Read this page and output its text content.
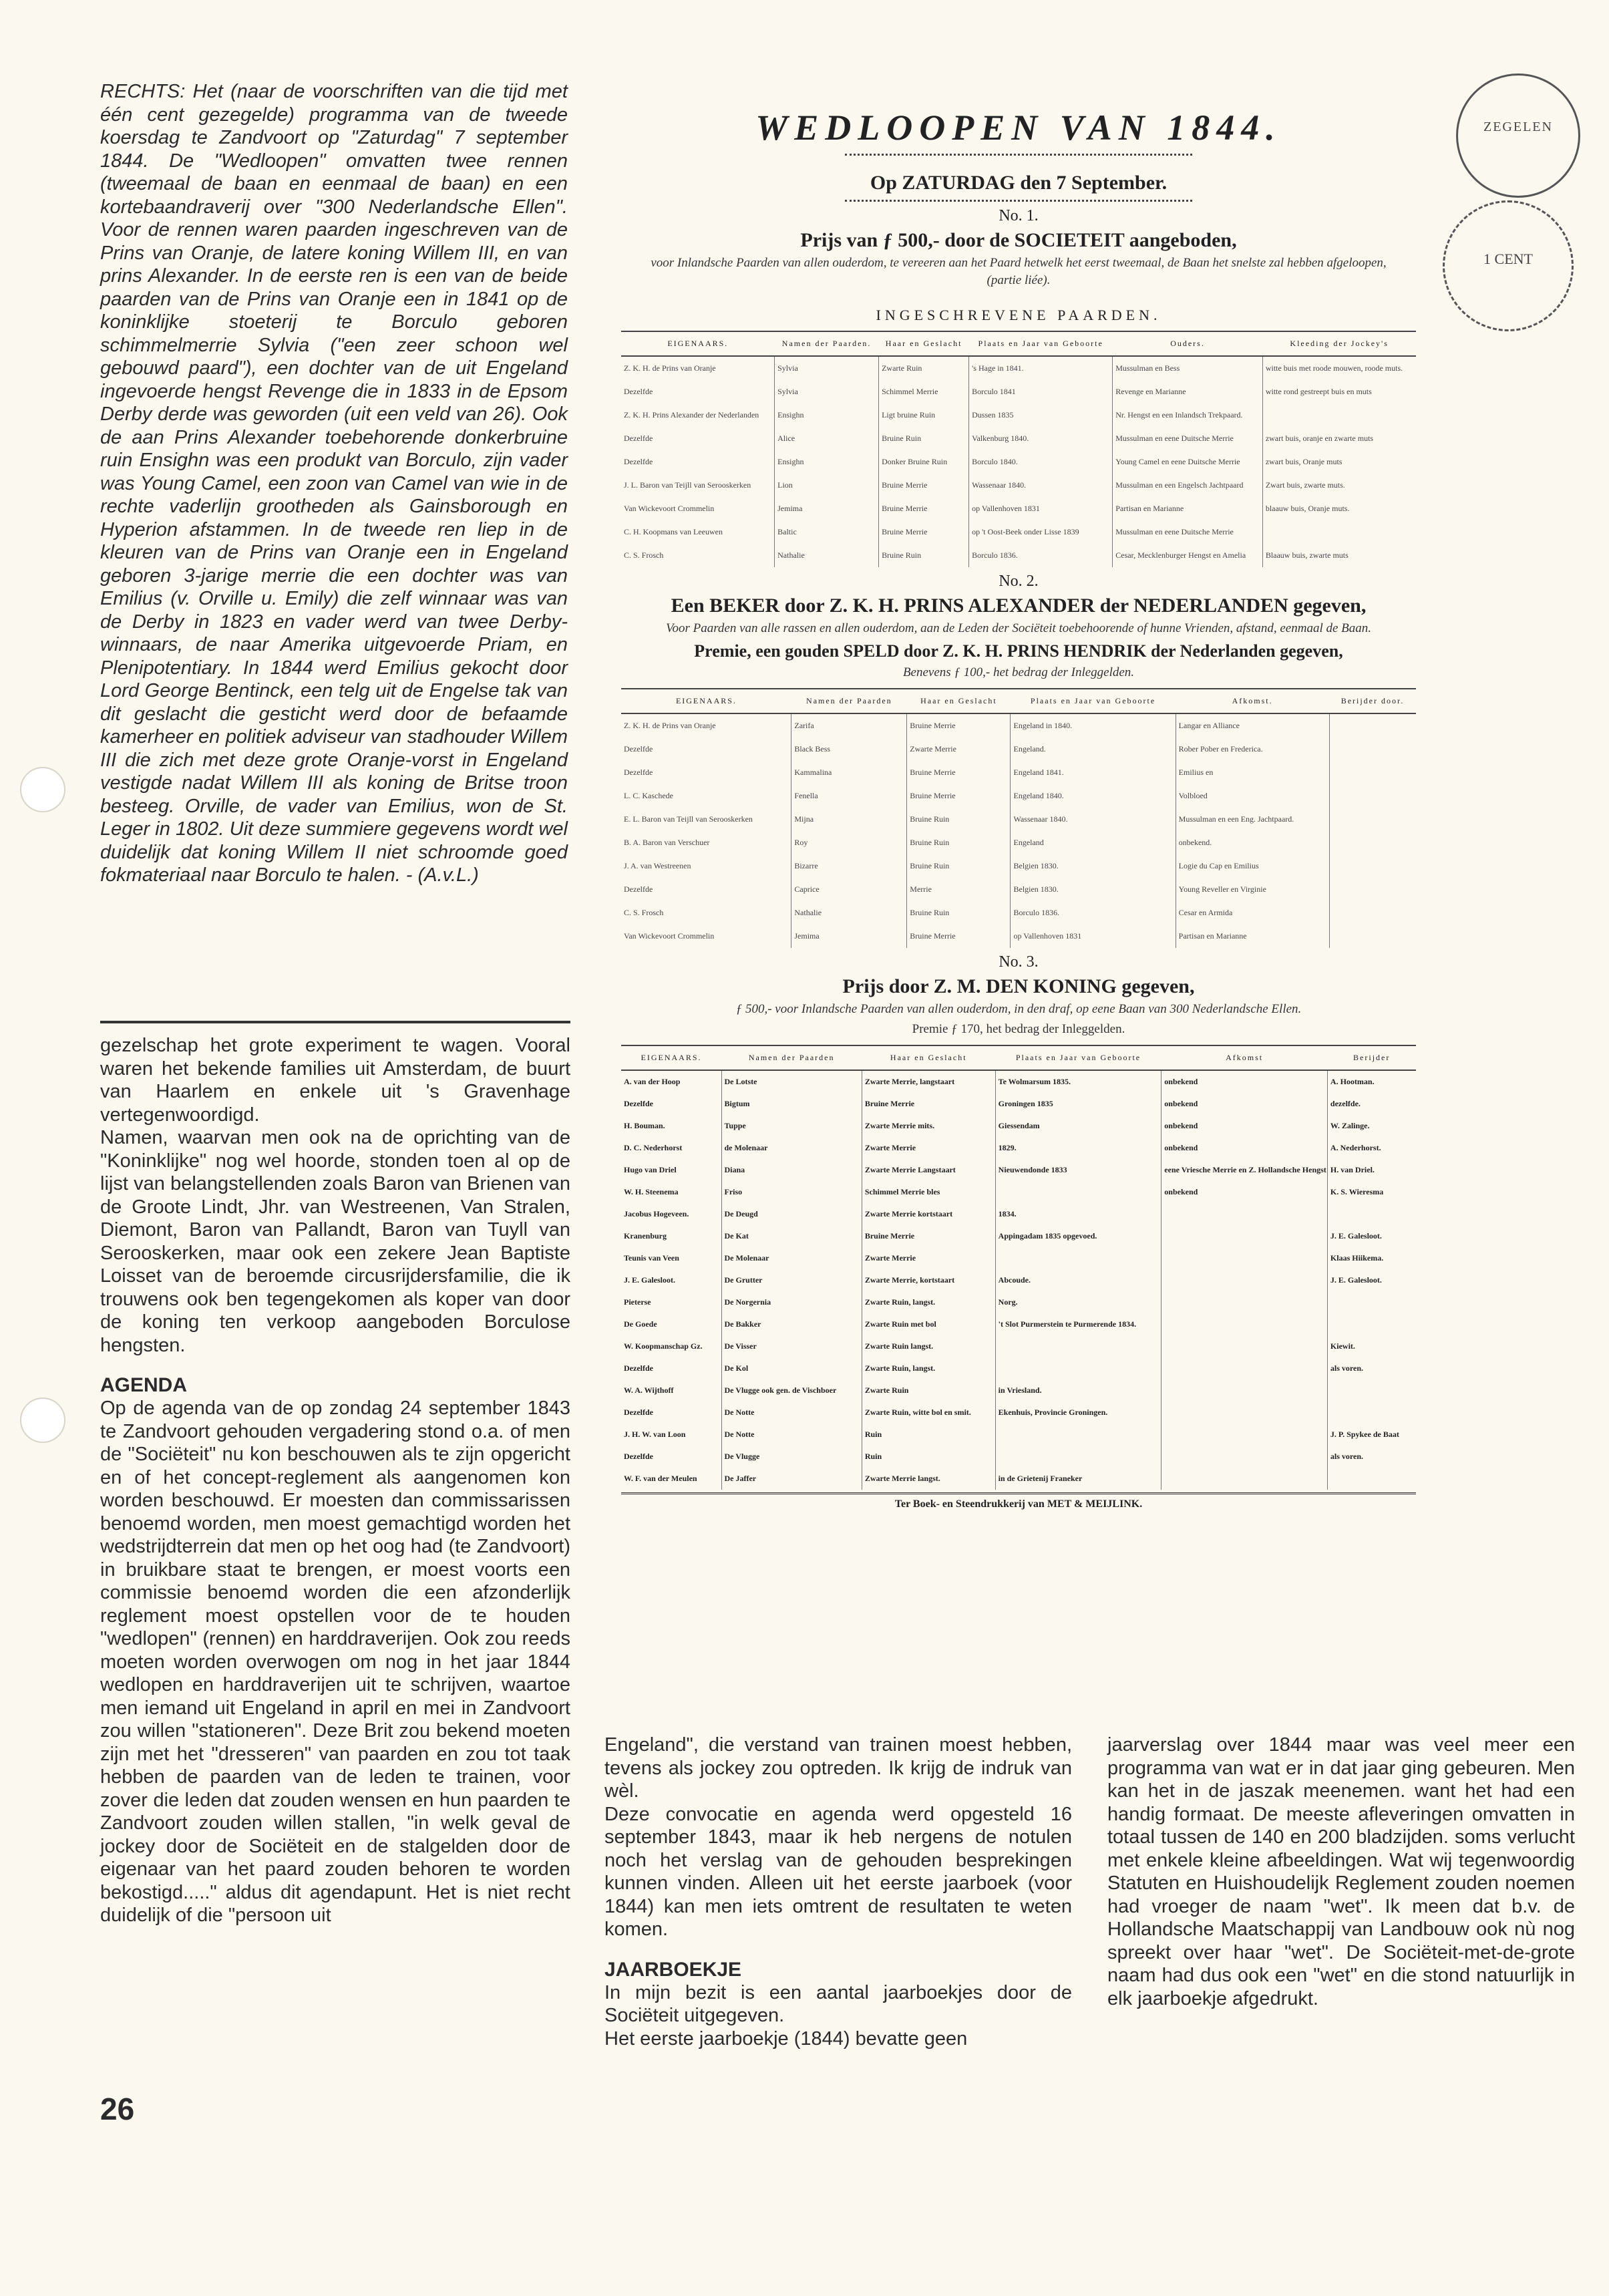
RECHTS: Het (naar de voorschriften van die tijd met één cent gezegelde) programma van de tweede koersdag te Zandvoort op "Zaturdag" 7 september 1844. De "Wedloopen" omvatten twee rennen (tweemaal de baan en eenmaal de baan) en een kortebaandraverij over "300 Nederlandsche Ellen". Voor de rennen waren paarden ingeschreven van de Prins van Oranje, de latere koning Willem III, en van prins Alexander. In de eerste ren is een van de beide paarden van de Prins van Oranje een in 1841 op de koninklijke stoeterij te Borculo geboren schimmelmerrie Sylvia ("een zeer schoon wel gebouwd paard"), een dochter van de uit Engeland ingevoerde hengst Revenge die in 1833 in de Epsom Derby derde was geworden (uit een veld van 26). Ook de aan Prins Alexander toebehorende donkerbruine ruin Ensighn was een produkt van Borculo, zijn vader was Young Camel, een zoon van Camel van wie in de rechte vaderlijn grootheden als Gainsborough en Hyperion afstammen. In de tweede ren liep in de kleuren van de Prins van Oranje een in Engeland geboren 3-jarige merrie die een dochter was van Emilius (v. Orville u. Emily) die zelf winnaar was van de Derby in 1823 en vader werd van twee Derby-winnaars, de naar Amerika uitgevoerde Priam, en Plenipotentiary. In 1844 werd Emilius gekocht door Lord George Bentinck, een telg uit de Engelse tak van dit geslacht die gesticht werd door de befaamde kamerheer en politiek adviseur van stadhouder Willem III die zich met deze grote Oranje-vorst in Engeland vestigde nadat Willem III als koning de Britse troon besteeg. Orville, de vader van Emilius, won de St. Leger in 1802. Uit deze summiere gegevens wordt wel duidelijk dat koning Willem II niet schroomde goed fokmateriaal naar Borculo te halen. - (A.v.L.)

gezelschap het grote experiment te wagen. Vooral waren het bekende families uit Amsterdam, de buurt van Haarlem en enkele uit 's Gravenhage vertegenwoordigd.

Namen, waarvan men ook na de oprichting van de "Koninklijke" nog wel hoorde, stonden toen al op de lijst van belangstellenden zoals Baron van Brienen van de Groote Lindt, Jhr. van Westreenen, Van Stralen, Diemont, Baron van Pallandt, Baron van Tuyll van Serooskerken, maar ook een zekere Jean Baptiste Loisset van de beroemde circusrijdersfamilie, die ik trouwens ook ben tegengekomen als koper van door de koning ten verkoop aangeboden Borculose hengsten.

AGENDA

Op de agenda van de op zondag 24 september 1843 te Zandvoort gehouden vergadering stond o.a. of men de "Sociëteit" nu kon beschouwen als te zijn opgericht en of het concept-reglement als aangenomen kon worden beschouwd. Er moesten dan commissarissen benoemd worden, men moest gemachtigd worden het wedstrijdterrein dat men op het oog had (te Zandvoort) in bruikbare staat te brengen, er moest voorts een commissie benoemd worden die een afzonderlijk reglement moest opstellen voor de te houden "wedlopen" (rennen) en harddraverijen. Ook zou reeds moeten worden overwogen om nog in het jaar 1844 wedlopen en harddraverijen uit te schrijven, waartoe men iemand uit Engeland in april en mei in Zandvoort zou willen "stationeren". Deze Brit zou bekend moeten zijn met het "dresseren" van paarden en zou tot taak hebben de paarden van de leden te trainen, voor zover die leden dat zouden wensen en hun paarden te Zandvoort zouden willen stallen, "in welk geval de jockey door de Sociëteit en de stalgelden door de eigenaar van het paard zouden behoren te worden bekostigd....." aldus dit agendapunt. Het is niet recht duidelijk of die "persoon uit

WEDLOOPEN VAN 1844.
Op ZATURDAG den 7 September.
No. 1.
Prijs van ƒ 500,- door de SOCIETEIT aangeboden,
voor Inlandsche Paarden van allen ouderdom, te vereeren aan het Paard hetwelk het eerst tweemaal, de Baan het snelste zal hebben afgeloopen, (partie liée).
INGESCHREVENE PAARDEN.
EIGENAARS.	Namen der Paarden.	Haar en Geslacht	Plaats en Jaar van Geboorte	Ouders.	Kleeding der Jockey's
Z. K. H. de Prins van Oranje	Sylvia	Zwarte Ruin	's Hage in 1841.	Mussulman en Bess	witte buis met roode mouwen, roode muts.
Dezelfde	Sylvia	Schimmel Merrie	Borculo 1841	Revenge en Marianne	witte rond gestreept buis en muts
Z. K. H. Prins Alexander der Nederlanden	Ensighn	Ligt bruine Ruin	Dussen 1835	Nr. Hengst en een Inlandsch Trekpaard.	
Dezelfde	Alice	Bruine Ruin	Valkenburg 1840.	Mussulman en eene Duitsche Merrie	zwart buis, oranje en zwarte muts
Dezelfde	Ensighn	Donker Bruine Ruin	Borculo 1840.	Young Camel en eene Duitsche Merrie	zwart buis, Oranje muts
J. L. Baron van Teijll van Serooskerken	Lion	Bruine Merrie	Wassenaar 1840.	Mussulman en een Engelsch Jachtpaard	Zwart buis, zwarte muts.
Van Wickevoort Crommelin	Jemima	Bruine Merrie	op Vallenhoven 1831	Partisan en Marianne	blaauw buis, Oranje muts.
C. H. Koopmans van Leeuwen	Baltic	Bruine Merrie	op 't Oost-Beek onder Lisse 1839	Mussulman en eene Duitsche Merrie	
C. S. Frosch	Nathalie	Bruine Ruin	Borculo 1836.	Cesar, Mecklenburger Hengst en Amelia	Blaauw buis, zwarte muts
No. 2.
Een BEKER door Z. K. H. PRINS ALEXANDER der NEDERLANDEN gegeven,
Voor Paarden van alle rassen en allen ouderdom, aan de Leden der Sociëteit toebehoorende of hunne Vrienden, afstand, eenmaal de Baan.
Premie, een gouden SPELD door Z. K. H. PRINS HENDRIK der Nederlanden gegeven,
Benevens ƒ 100,- het bedrag der Inleggelden.
EIGENAARS.	Namen der Paarden	Haar en Geslacht	Plaats en Jaar van Geboorte	Afkomst.	Berijder door.
Z. K. H. de Prins van Oranje	Zarifa	Bruine Merrie	Engeland in 1840.	Langar en Alliance	
Dezelfde	Black Bess	Zwarte Merrie	Engeland.	Rober Pober en Frederica.	
Dezelfde	Kammalina	Bruine Merrie	Engeland 1841.	Emilius en	
L. C. Kaschede	Fenella	Bruine Merrie	Engeland 1840.	Volbloed	
E. L. Baron van Teijll van Serooskerken	Mijna	Bruine Ruin	Wassenaar 1840.	Mussulman en een Eng. Jachtpaard.	
B. A. Baron van Verschuer	Roy	Bruine Ruin	Engeland	onbekend.	
J. A. van Westreenen	Bizarre	Bruine Ruin	Belgien 1830.	Logie du Cap en Emilius	
Dezelfde	Caprice	Merrie	Belgien 1830.	Young Reveller en Virginie	
C. S. Frosch	Nathalie	Bruine Ruin	Borculo 1836.	Cesar en Armida	
Van Wickevoort Crommelin	Jemima	Bruine Merrie	op Vallenhoven 1831	Partisan en Marianne	
No. 3.
Prijs door Z. M. DEN KONING gegeven,
ƒ 500,- voor Inlandsche Paarden van allen ouderdom, in den draf, op eene Baan van 300 Nederlandsche Ellen.
Premie ƒ 170, het bedrag der Inleggelden.
EIGENAARS.	Namen der Paarden	Haar en Geslacht	Plaats en Jaar van Geboorte	Afkomst	Berijder
A. van der Hoop	De Lotste	Zwarte Merrie, langstaart	Te Wolmarsum 1835.	onbekend	A. Hootman.
Dezelfde	Bigtum	Bruine Merrie	Groningen 1835	onbekend	dezelfde.
H. Bouman.	Tuppe	Zwarte Merrie mits.	Giessendam	onbekend	W. Zalinge.
D. C. Nederhorst	de Molenaar	Zwarte Merrie	1829.	onbekend	A. Nederhorst.
Hugo van Driel	Diana	Zwarte Merrie Langstaart	Nieuwendonde 1833	eene Vriesche Merrie en Z. Hollandsche Hengst	H. van Driel.
W. H. Steenema	Friso	Schimmel Merrie bles		onbekend	K. S. Wieresma
Jacobus Hogeveen.	De Deugd	Zwarte Merrie kortstaart	1834.		
Kranenburg	De Kat	Bruine Merrie	Appingadam 1835 opgevoed.		J. E. Galesloot.
Teunis van Veen	De Molenaar	Zwarte Merrie			Klaas Hiikema.
J. E. Galesloot.	De Grutter	Zwarte Merrie, kortstaart	Abcoude.		J. E. Galesloot.
Pieterse	De Norgernia	Zwarte Ruin, langst.	Norg.		
De Goede	De Bakker	Zwarte Ruin met bol	't Slot Purmerstein te Purmerende 1834.		
W. Koopmanschap Gz.	De Visser	Zwarte Ruin langst.			Kiewit.
Dezelfde	De Kol	Zwarte Ruin, langst.			als voren.
W. A. Wijthoff	De Vlugge ook gen. de Vischboer	Zwarte Ruin	in Vriesland.		
Dezelfde	De Notte	Zwarte Ruin, witte bol en smit.	Ekenhuis, Provincie Groningen.		
J. H. W. van Loon	De Notte	Ruin			J. P. Spykee de Baat
Dezelfde	De Vlugge	Ruin			als voren.
W. F. van der Meulen	De Jaffer	Zwarte Merrie langst.	in de Grietenij Franeker		
Ter Boek- en Steendrukkerij van MET & MEIJLINK.
ZEGELEN
1 CENT

Engeland", die verstand van trainen moest hebben, tevens als jockey zou optreden. Ik krijg de indruk van wèl.

Deze convocatie en agenda werd opgesteld 16 september 1843, maar ik heb nergens de notulen noch het verslag van de gehouden besprekingen kunnen vinden. Alleen uit het eerste jaarboek (voor 1844) kan men iets omtrent de resultaten te weten komen.

JAARBOEKJE

In mijn bezit is een aantal jaarboekjes door de Sociëteit uitgegeven.

Het eerste jaarboekje (1844) bevatte geen

jaarverslag over 1844 maar was veel meer een programma van wat er in dat jaar ging gebeuren. Men kan het in de jaszak meenemen. want het had een handig formaat. De meeste afleveringen omvatten in totaal tussen de 140 en 200 bladzijden. soms verlucht met enkele kleine afbeeldingen. Wat wij tegenwoordig Statuten en Huishoudelijk Reglement zouden noemen had vroeger de naam "wet". Ik meen dat b.v. de Hollandsche Maatschappij van Landbouw ook nù nog spreekt over haar "wet". De Sociëteit-met-de-grote naam had dus ook een "wet" en die stond natuurlijk in elk jaarboekje afgedrukt.

26
